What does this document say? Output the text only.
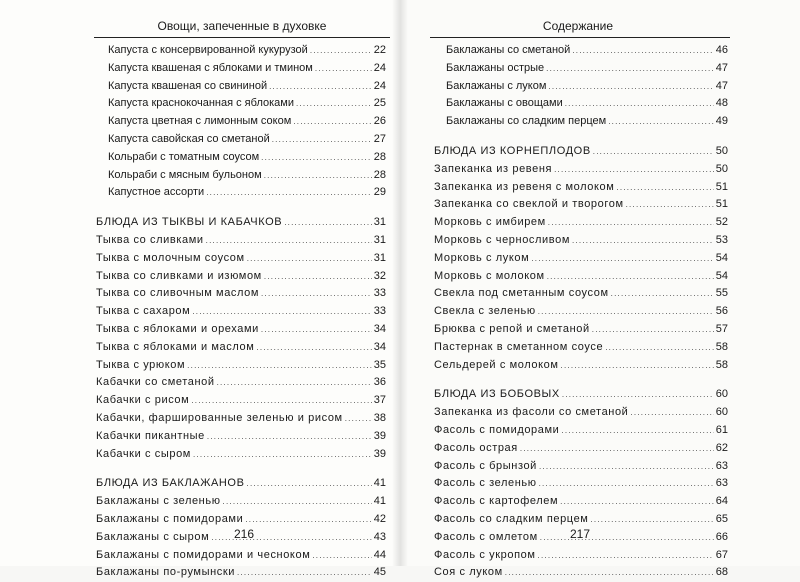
Овощи, запеченные в духовке
Капуста с консервированной кукурузой . . .	22
Капуста квашеная с яблоками и тмином . . .	24
Капуста квашеная со свининой . . .	24
Капуста краснокочанная с яблоками . . .	25
Капуста цветная с лимонным соком . . .	26
Капуста савойская со сметаной . . .	27
Кольраби с томатным соусом . . .	28
Кольраби с мясным бульоном . . .	28
Капустное ассорти . . .	29
БЛЮДА ИЗ ТЫКВЫ И КАБАЧКОВ . . .	31
Тыква со сливками . . .	31
Тыква с молочным соусом . . .	31
Тыква со сливками и изюмом . . .	32
Тыква со сливочным маслом . . .	33
Тыква с сахаром . . .	33
Тыква с яблоками и орехами . . .	34
Тыква с яблоками и маслом . . .	34
Тыква с урюком . . .	35
Кабачки со сметаной . . .	36
Кабачки с рисом . . .	37
Кабачки, фаршированные зеленью и рисом . . .	38
Кабачки пикантные . . .	39
Кабачки с сыром . . .	39
БЛЮДА ИЗ БАКЛАЖАНОВ . . .	41
Баклажаны с зеленью . . .	41
Баклажаны с помидорами . . .	42
Баклажаны с сыром . . .	43
Баклажаны с помидорами и чесноком . . .	44
Баклажаны по-румынски . . .	45
216
Содержание
Баклажаны со сметаной . . .	46
Баклажаны острые . . .	47
Баклажаны с луком . . .	47
Баклажаны с овощами . . .	48
Баклажаны со сладким перцем . . .	49
БЛЮДА ИЗ КОРНЕПЛОДОВ . . .	50
Запеканка из ревеня . . .	50
Запеканка из ревеня с молоком . . .	51
Запеканка со свеклой и творогом . . .	51
Морковь с имбирем . . .	52
Морковь с черносливом . . .	53
Морковь с луком . . .	54
Морковь с молоком . . .	54
Свекла под сметанным соусом . . .	55
Свекла с зеленью . . .	56
Брюква с репой и сметаной . . .	57
Пастернак в сметанном соусе . . .	58
Сельдерей с молоком . . .	58
БЛЮДА ИЗ БОБОВЫХ . . .	60
Запеканка из фасоли со сметаной . . .	60
Фасоль с помидорами . . .	61
Фасоль острая . . .	62
Фасоль с брынзой . . .	63
Фасоль с зеленью . . .	63
Фасоль с картофелем . . .	64
Фасоль со сладким перцем . . .	65
Фасоль с омлетом . . .	66
Фасоль с укропом . . .	67
Соя с луком . . .	68
217
